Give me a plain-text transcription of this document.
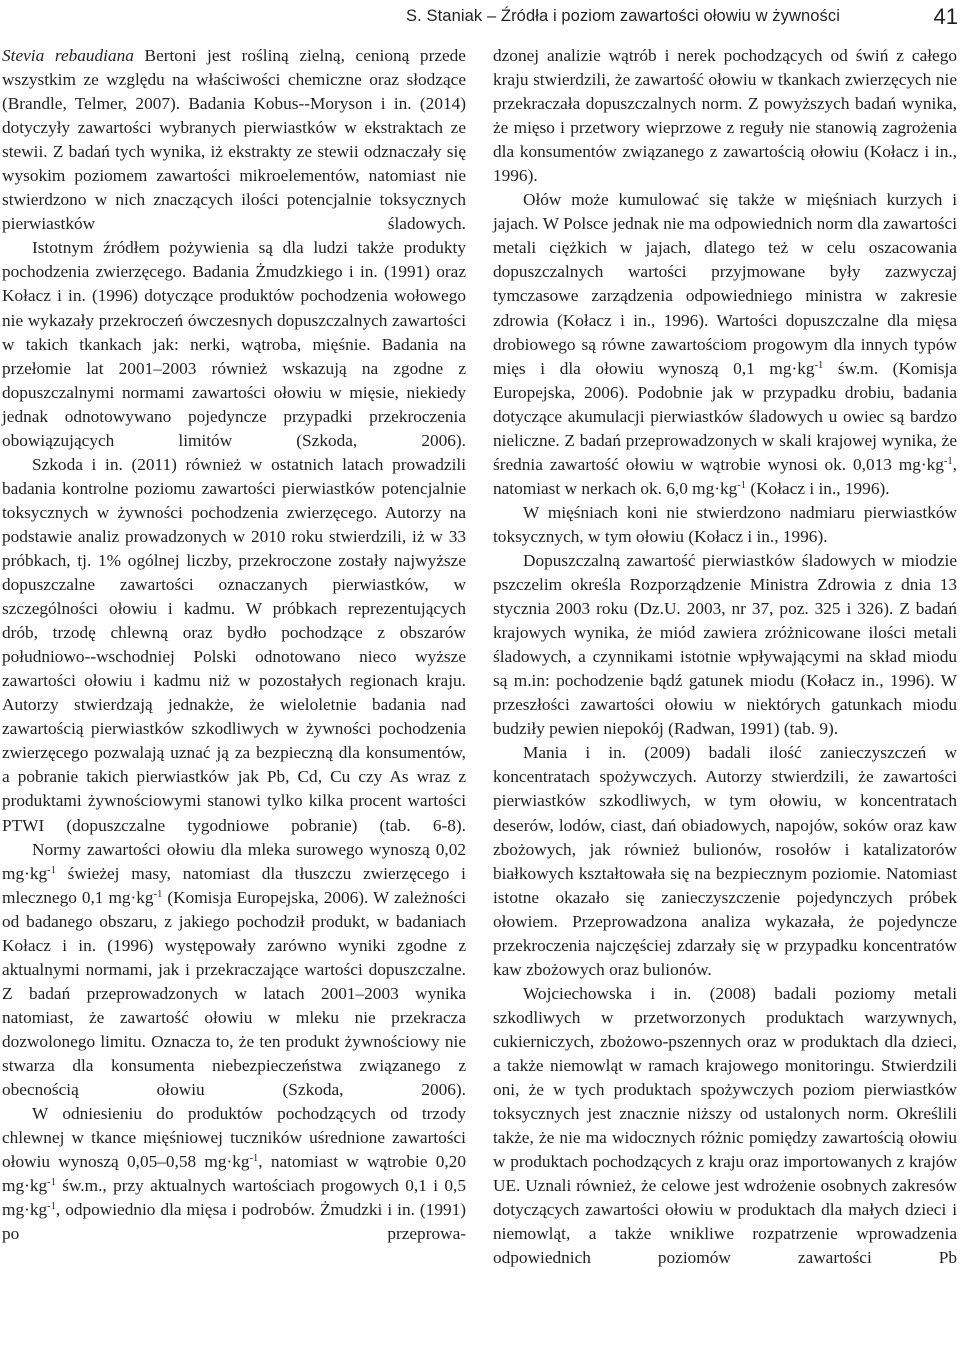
S. Staniak – Źródła i poziom zawartości ołowiu w żywności	41

Stevia rebaudiana Bertoni jest rośliną zielną, cenioną przede wszystkim ze względu na właściwości chemiczne oraz słodzące (Brandle, Telmer, 2007). Badania Kobus--Moryson i in. (2014) dotyczyły zawartości wybranych pierwiastków w ekstraktach ze stewii. Z badań tych wynika, iż ekstrakty ze stewii odznaczały się wysokim poziomem zawartości mikroelementów, natomiast nie stwierdzono w nich znaczących ilości potencjalnie toksycznych pierwiastków śladowych.

Istotnym źródłem pożywienia są dla ludzi także produkty pochodzenia zwierzęcego. Badania Żmudzkiego i in. (1991) oraz Kołacz i in. (1996) dotyczące produktów pochodzenia wołowego nie wykazały przekroczeń ówczesnych dopuszczalnych zawartości w takich tkankach jak: nerki, wątroba, mięśnie. Badania na przełomie lat 2001–2003 również wskazują na zgodne z dopuszczalnymi normami zawartości ołowiu w mięsie, niekiedy jednak odnotowywano pojedyncze przypadki przekroczenia obowiązujących limitów (Szkoda, 2006).

Szkoda i in. (2011) również w ostatnich latach prowadzili badania kontrolne poziomu zawartości pierwiastków potencjalnie toksycznych w żywności pochodzenia zwierzęcego. Autorzy na podstawie analiz prowadzonych w 2010 roku stwierdzili, iż w 33 próbkach, tj. 1% ogólnej liczby, przekroczone zostały najwyższe dopuszczalne zawartości oznaczanych pierwiastków, w szczególności ołowiu i kadmu. W próbkach reprezentujących drób, trzodę chlewną oraz bydło pochodzące z obszarów południowo--wschodniej Polski odnotowano nieco wyższe zawartości ołowiu i kadmu niż w pozostałych regionach kraju. Autorzy stwierdzają jednakże, że wieloletnie badania nad zawartością pierwiastków szkodliwych w żywności pochodzenia zwierzęcego pozwalają uznać ją za bezpieczną dla konsumentów, a pobranie takich pierwiastków jak Pb, Cd, Cu czy As wraz z produktami żywnościowymi stanowi tylko kilka procent wartości PTWI (dopuszczalne tygodniowe pobranie) (tab. 6-8).

Normy zawartości ołowiu dla mleka surowego wynoszą 0,02 $mg\cdot kg^{-1}$ świeżej masy, natomiast dla tłuszczu zwierzęcego i mlecznego 0,1 $mg\cdot kg^{-1}$ (Komisja Europejska, 2006). W zależności od badanego obszaru, z jakiego pochodził produkt, w badaniach Kołacz i in. (1996) występowały zarówno wyniki zgodne z aktualnymi normami, jak i przekraczające wartości dopuszczalne. Z badań przeprowadzonych w latach 2001–2003 wynika natomiast, że zawartość ołowiu w mleku nie przekracza dozwolonego limitu. Oznacza to, że ten produkt żywnościowy nie stwarza dla konsumenta niebezpieczeństwa związanego z obecnością ołowiu (Szkoda, 2006).

W odniesieniu do produktów pochodzących od trzody chlewnej w tkance mięśniowej tuczników uśrednione zawartości ołowiu wynoszą 0,05–0,58 $mg\cdot kg^{-1}$, natomiast w wątrobie 0,20 $mg\cdot kg^{-1}$ św.m., przy aktualnych wartościach progowych 0,1 i 0,5 $mg\cdot kg^{-1}$, odpowiednio dla mięsa i podrobów. Żmudzki i in. (1991) po przeprowa-

dzonej analizie wątrób i nerek pochodzących od świń z całego kraju stwierdzili, że zawartość ołowiu w tkankach zwierzęcych nie przekraczała dopuszczalnych norm. Z powyższych badań wynika, że mięso i przetwory wieprzowe z reguły nie stanowią zagrożenia dla konsumentów związanego z zawartością ołowiu (Kołacz i in., 1996).

Ołów może kumulować się także w mięśniach kurzych i jajach. W Polsce jednak nie ma odpowiednich norm dla zawartości metali ciężkich w jajach, dlatego też w celu oszacowania dopuszczalnych wartości przyjmowane były zazwyczaj tymczasowe zarządzenia odpowiedniego ministra w zakresie zdrowia (Kołacz i in., 1996). Wartości dopuszczalne dla mięsa drobiowego są równe zawartościom progowym dla innych typów mięs i dla ołowiu wynoszą 0,1 $mg\cdot kg^{-1}$ św.m. (Komisja Europejska, 2006). Podobnie jak w przypadku drobiu, badania dotyczące akumulacji pierwiastków śladowych u owiec są bardzo nieliczne. Z badań przeprowadzonych w skali krajowej wynika, że średnia zawartość ołowiu w wątrobie wynosi ok. 0,013 $mg\cdot kg^{-1}$, natomiast w nerkach ok. 6,0 $mg\cdot kg^{-1}$ (Kołacz i in., 1996).

W mięśniach koni nie stwierdzono nadmiaru pierwiastków toksycznych, w tym ołowiu (Kołacz i in., 1996).

Dopuszczalną zawartość pierwiastków śladowych w miodzie pszczelim określa Rozporządzenie Ministra Zdrowia z dnia 13 stycznia 2003 roku (Dz.U. 2003, nr 37, poz. 325 i 326). Z badań krajowych wynika, że miód zawiera zróżnicowane ilości metali śladowych, a czynnikami istotnie wpływającymi na skład miodu są m.in: pochodzenie bądź gatunek miodu (Kołacz in., 1996). W przeszłości zawartości ołowiu w niektórych gatunkach miodu budziły pewien niepokój (Radwan, 1991) (tab. 9).

Mania i in. (2009) badali ilość zanieczyszczeń w koncentratach spożywczych. Autorzy stwierdzili, że zawartości pierwiastków szkodliwych, w tym ołowiu, w koncentratach deserów, lodów, ciast, dań obiadowych, napojów, soków oraz kaw zbożowych, jak również bulionów, rosołów i katalizatorów białkowych kształtowała się na bezpiecznym poziomie. Natomiast istotne okazało się zanieczyszczenie pojedynczych próbek ołowiem. Przeprowadzona analiza wykazała, że pojedyncze przekroczenia najczęściej zdarzały się w przypadku koncentratów kaw zbożowych oraz bulionów.

Wojciechowska i in. (2008) badali poziomy metali szkodliwych w przetworzonych produktach warzywnych, cukierniczych, zbożowo-pszennych oraz w produktach dla dzieci, a także niemowląt w ramach krajowego monitoringu. Stwierdzili oni, że w tych produktach spożywczych poziom pierwiastków toksycznych jest znacznie niższy od ustalonych norm. Określili także, że nie ma widocznych różnic pomiędzy zawartością ołowiu w produktach pochodzących z kraju oraz importowanych z krajów UE. Uznali również, że celowe jest wdrożenie osobnych zakresów dotyczących zawartości ołowiu w produktach dla małych dzieci i niemowląt, a także wnikliwe rozpatrzenie wprowadzenia odpowiednich poziomów zawartości Pb
